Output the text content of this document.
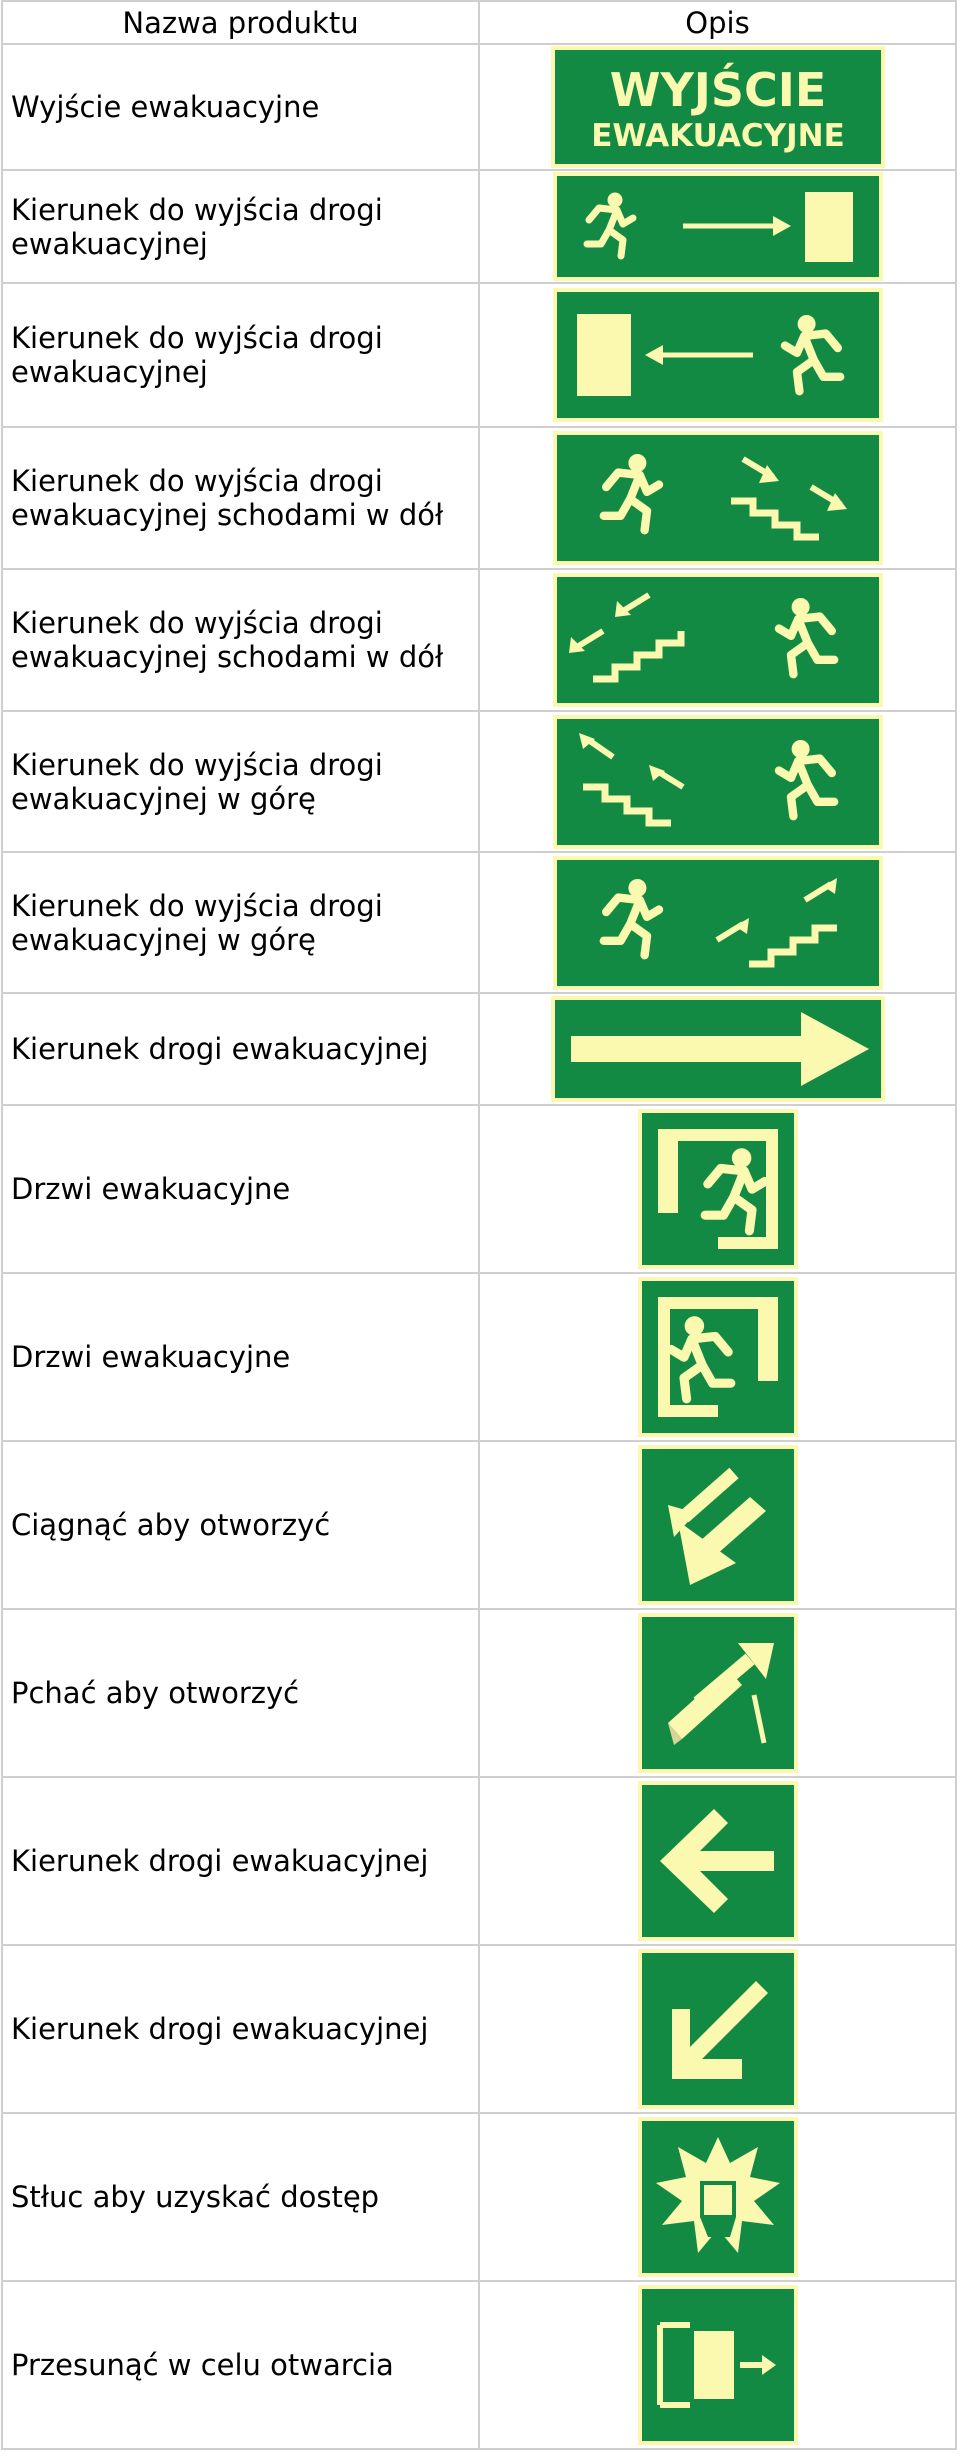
Nazwa produktu	Opis
Wyjście ewakuacyjne	WYJŚCIE
EWAKUACYJNE

Kierunek do wyjścia drogi ewakuacyjnej	

Kierunek do wyjścia drogi ewakuacyjnej	

Kierunek do wyjścia drogi ewakuacyjnej schodami w dół	

Kierunek do wyjścia drogi ewakuacyjnej schodami w dół	

Kierunek do wyjścia drogi ewakuacyjnej w górę	

Kierunek do wyjścia drogi ewakuacyjnej w górę	

Kierunek drogi ewakuacyjnej	

Drzwi ewakuacyjne	

Drzwi ewakuacyjne	

Ciągnąć aby otworzyć	

Pchać aby otworzyć	

Kierunek drogi ewakuacyjnej	

Kierunek drogi ewakuacyjnej	

Stłuc aby uzyskać dostęp	

Przesunąć w celu otwarcia	
